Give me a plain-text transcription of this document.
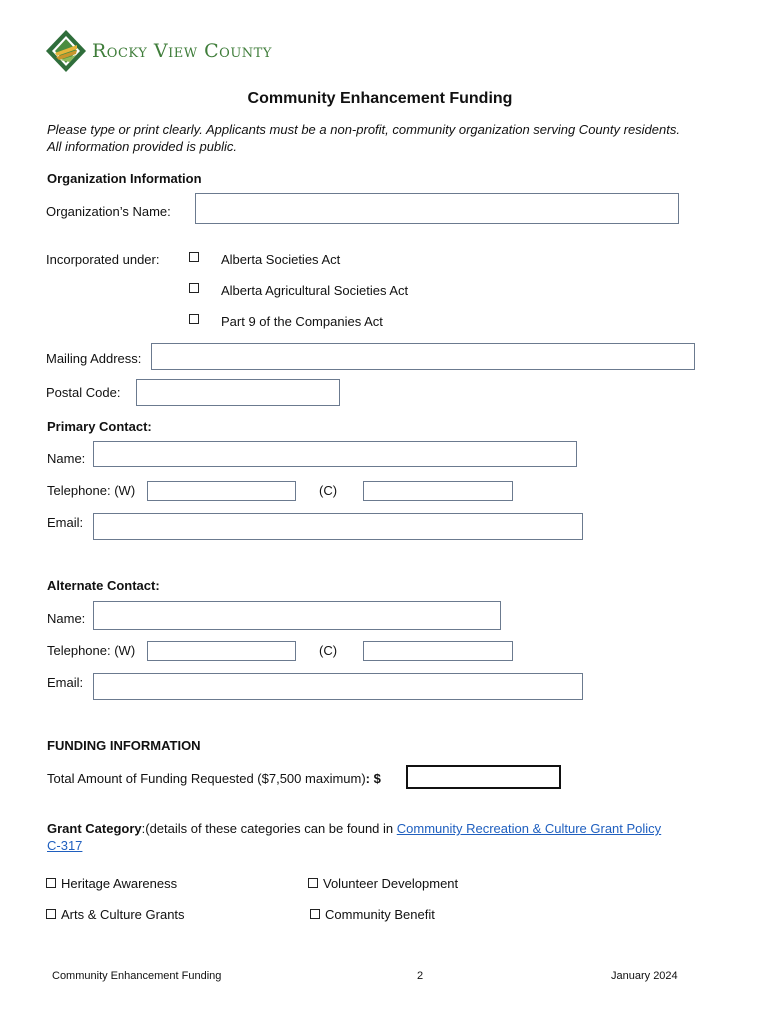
Rocky View County
Community Enhancement Funding
Please type or print clearly. Applicants must be a non-profit, community organization serving County residents.
All information provided is public.
Organization Information
Organization’s Name:
Incorporated under:	Alberta Societies Act
Alberta Agricultural Societies Act
Part 9 of the Companies Act
Mailing Address:
Postal Code:
Primary Contact:
Name:
Telephone: (W)	(C)
Email:
Alternate Contact:
Name:
Telephone: (W)	(C)
Email:
FUNDING INFORMATION
Total Amount of Funding Requested ($7,500 maximum): $
Grant Category:(details of these categories can be found in Community Recreation & Culture Grant Policy
C-317
Heritage Awareness	Volunteer Development
Arts & Culture Grants	Community Benefit
Community Enhancement Funding	2	January 2024
